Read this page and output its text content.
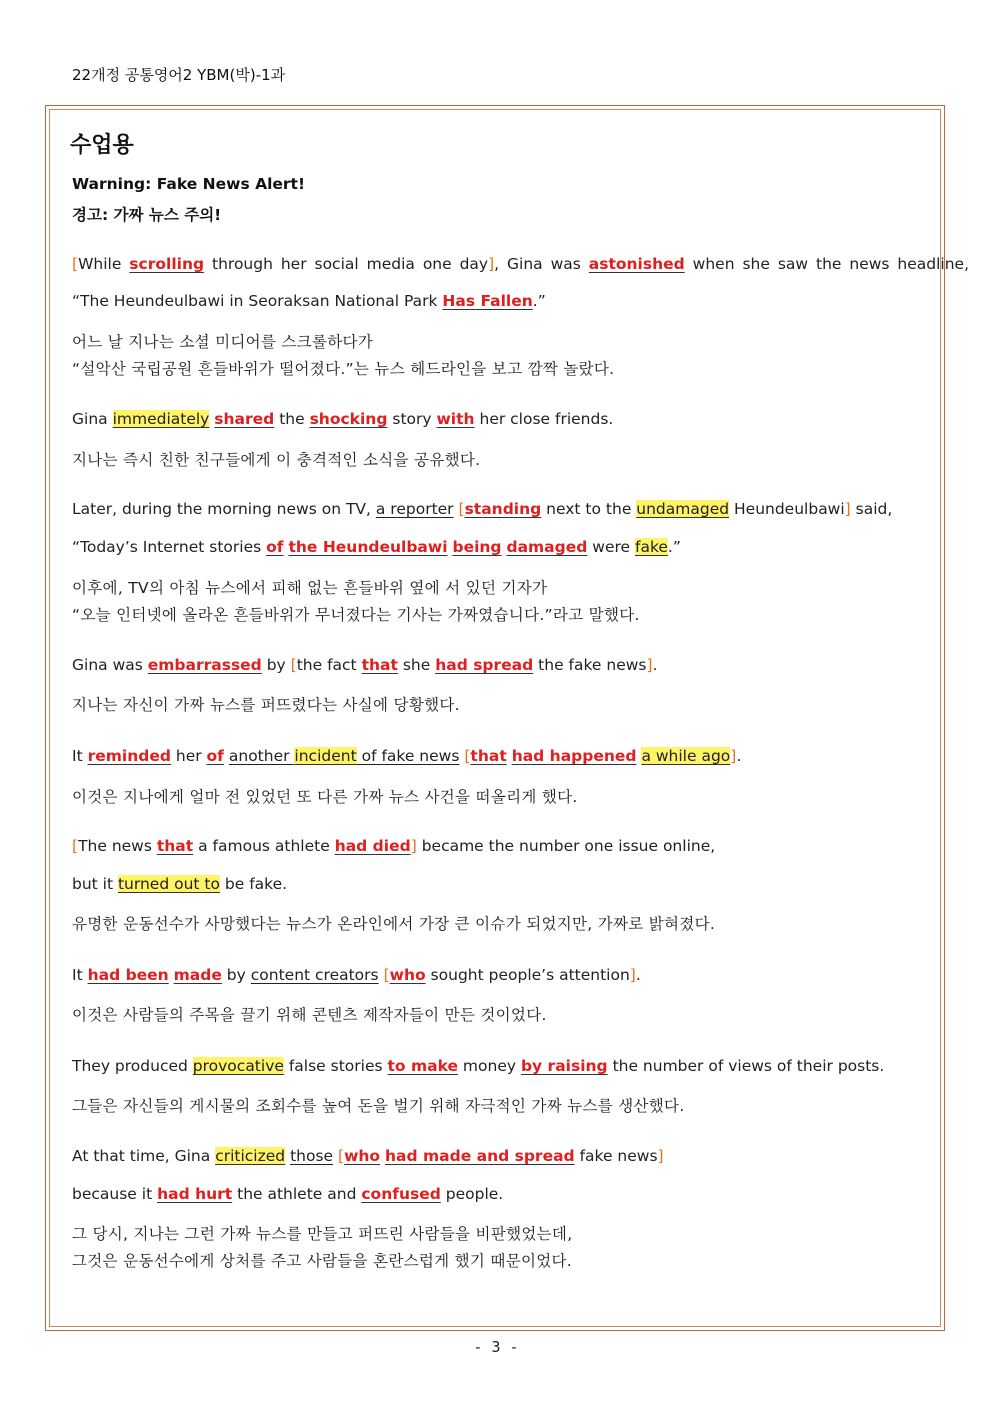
22개정 공통영어2 YBM(박)-1과
수업용
Warning: Fake News Alert!
경고: 가짜 뉴스 주의!
[While scrolling through her social media one day], Gina was astonished when she saw the news headline,
“The Heundeulbawi in Seoraksan National Park Has Fallen.”
어느 날 지나는 소셜 미디어를 스크롤하다가
“설악산 국립공원 흔들바위가 떨어졌다.”는 뉴스 헤드라인을 보고 깜짝 놀랐다.
Gina immediately shared the shocking story with her close friends.
지나는 즉시 친한 친구들에게 이 충격적인 소식을 공유했다.
Later, during the morning news on TV, a reporter [standing next to the undamaged Heundeulbawi] said,
“Today’s Internet stories of the Heundeulbawi being damaged were fake.”
이후에, TV의 아침 뉴스에서 피해 없는 흔들바위 옆에 서 있던 기자가
“오늘 인터넷에 올라온 흔들바위가 무너졌다는 기사는 가짜였습니다.”라고 말했다.
Gina was embarrassed by [the fact that she had spread the fake news].
지나는 자신이 가짜 뉴스를 퍼뜨렸다는 사실에 당황했다.
It reminded her of another incident of fake news [that had happened a while ago].
이것은 지나에게 얼마 전 있었던 또 다른 가짜 뉴스 사건을 떠올리게 했다.
[The news that a famous athlete had died] became the number one issue online,
but it turned out to be fake.
유명한 운동선수가 사망했다는 뉴스가 온라인에서 가장 큰 이슈가 되었지만, 가짜로 밝혀졌다.
It had been made by content creators [who sought people’s attention].
이것은 사람들의 주목을 끌기 위해 콘텐츠 제작자들이 만든 것이었다.
They produced provocative false stories to make money by raising the number of views of their posts.
그들은 자신들의 게시물의 조회수를 높여 돈을 벌기 위해 자극적인 가짜 뉴스를 생산했다.
At that time, Gina criticized those [who had made and spread fake news]
because it had hurt the athlete and confused people.
그 당시, 지나는 그런 가짜 뉴스를 만들고 퍼뜨린 사람들을 비판했었는데,
그것은 운동선수에게 상처를 주고 사람들을 혼란스럽게 했기 때문이었다.
- 3 -
